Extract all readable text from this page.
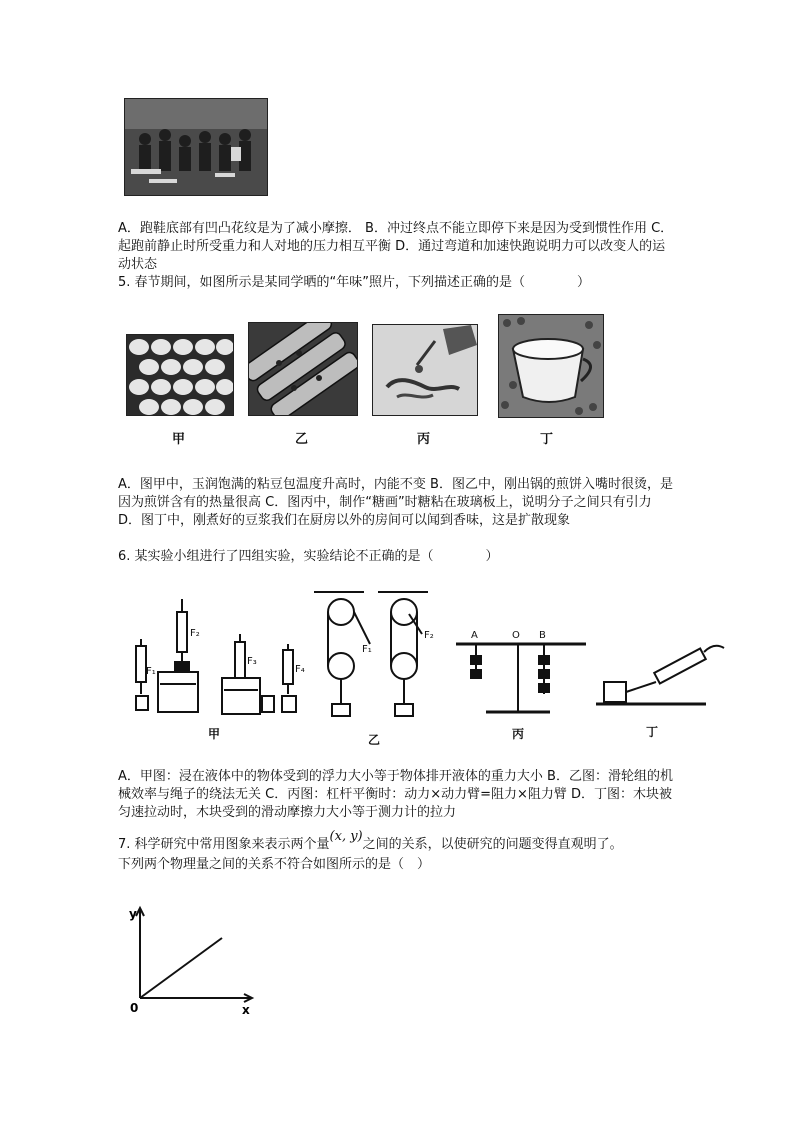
A．跑鞋底部有凹凸花纹是为了减小摩擦． B．冲过终点不能立即停下来是因为受到惯性作用 C．起跑前静止时所受重力和人对地的压力相互平衡 D．通过弯道和加速快跑说明力可以改变人的运动状态
5. 春节期间，如图所示是某同学晒的“年味”照片，下列描述正确的是（　　　　）
甲	乙	丙	丁
A．图甲中，玉润饱满的粘豆包温度升高时，内能不变 B．图乙中，刚出锅的煎饼入嘴时很烫，是因为煎饼含有的热量很高 C．图丙中，制作“糖画”时糖粘在玻璃板上，说明分子之间只有引力 D．图丁中，刚煮好的豆浆我们在厨房以外的房间可以闻到香味，这是扩散现象
6. 某实验小组进行了四组实验，实验结论不正确的是（　　　　）
F₁
F₂
F₃
F₄
F₁
F₂	A	O B
甲	乙	丙	丁
A．甲图：浸在液体中的物体受到的浮力大小等于物体排开液体的重力大小 B．乙图：滑轮组的机械效率与绳子的绕法无关 C．丙图：杠杆平衡时：动力×动力臂=阻力×阻力臂 D．丁图：木块被匀速拉动时，木块受到的滑动摩擦力大小等于测力计的拉力
7. 科学研究中常用图象来表示两个量(x, y)之间的关系，以使研究的问题变得直观明了。
下列两个物理量之间的关系不符合如图所示的是（　）
y
x
0
